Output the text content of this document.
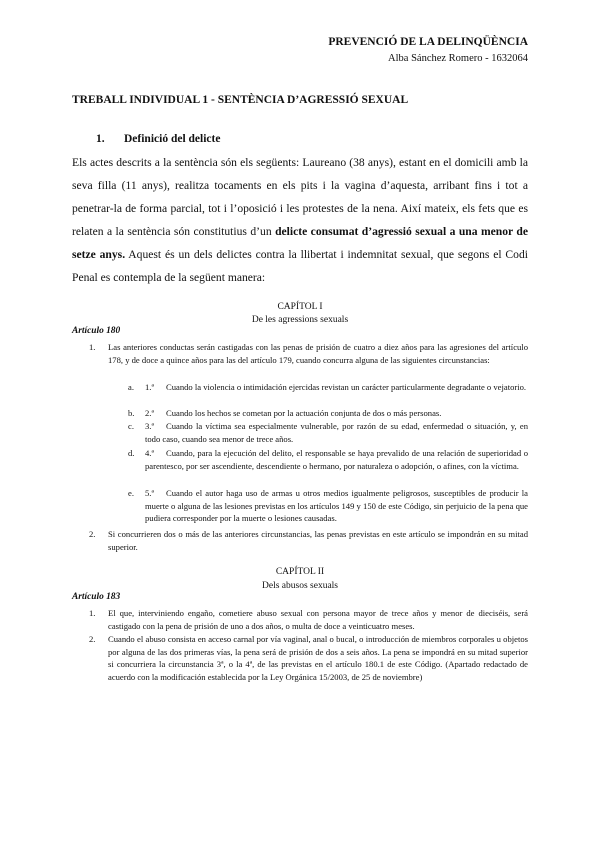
PREVENCIÓ DE LA DELINQÜÈNCIA
Alba Sánchez Romero - 1632064
TREBALL INDIVIDUAL 1 - SENTÈNCIA D’AGRESSIÓ SEXUAL
1. Definició del delicte
Els actes descrits a la sentència són els següents: Laureano (38 anys), estant en el domicili amb la seva filla (11 anys), realitza tocaments en els pits i la vagina d’aquesta, arribant fins i tot a penetrar-la de forma parcial, tot i l’oposició i les protestes de la nena. Així mateix, els fets que es relaten a la sentència són constitutius d’un delicte consumat d’agressió sexual a una menor de setze anys. Aquest és un dels delictes contra la llibertat i indemnitat sexual, que segons el Codi Penal es contempla de la següent manera:
CAPÍTOL I
De les agressions sexuals
Artículo 180
1. Las anteriores conductas serán castigadas con las penas de prisión de cuatro a diez años para las agresiones del artículo 178, y de doce a quince años para las del artículo 179, cuando concurra alguna de las siguientes circunstancias:
a. 1.ª Cuando la violencia o intimidación ejercidas revistan un carácter particularmente degradante o vejatorio.
b. 2.ª Cuando los hechos se cometan por la actuación conjunta de dos o más personas.
c. 3.ª Cuando la víctima sea especialmente vulnerable, por razón de su edad, enfermedad o situación, y, en todo caso, cuando sea menor de trece años.
d. 4.ª Cuando, para la ejecución del delito, el responsable se haya prevalido de una relación de superioridad o parentesco, por ser ascendiente, descendiente o hermano, por naturaleza o adopción, o afines, con la víctima.
e. 5.ª Cuando el autor haga uso de armas u otros medios igualmente peligrosos, susceptibles de producir la muerte o alguna de las lesiones previstas en los artículos 149 y 150 de este Código, sin perjuicio de la pena que pudiera corresponder por la muerte o lesiones causadas.
2. Si concurrieren dos o más de las anteriores circunstancias, las penas previstas en este artículo se impondrán en su mitad superior.
CAPÍTOL II
Dels abusos sexuals
Artículo 183
1. El que, interviniendo engaño, cometiere abuso sexual con persona mayor de trece años y menor de dieciséis, será castigado con la pena de prisión de uno a dos años, o multa de doce a veinticuatro meses.
2. Cuando el abuso consista en acceso carnal por vía vaginal, anal o bucal, o introducción de miembros corporales u objetos por alguna de las dos primeras vías, la pena será de prisión de dos a seis años. La pena se impondrá en su mitad superior si concurriera la circunstancia 3ª, o la 4ª, de las previstas en el artículo 180.1 de este Código. (Apartado redactado de acuerdo con la modificación establecida por la Ley Orgánica 15/2003, de 25 de noviembre)
